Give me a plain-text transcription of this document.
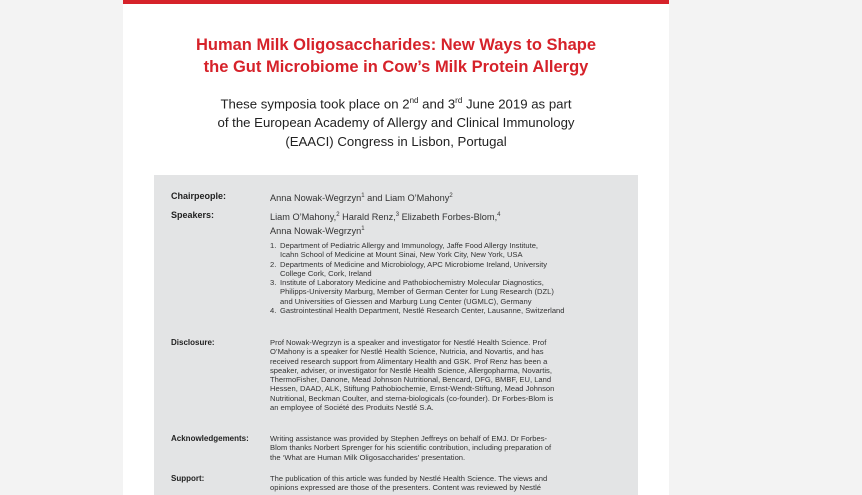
Human Milk Oligosaccharides: New Ways to Shape
the Gut Microbiome in Cow’s Milk Protein Allergy
These symposia took place on 2nd and 3rd June 2019 as part
of the European Academy of Allergy and Clinical Immunology
(EAACI) Congress in Lisbon, Portugal
Chairpeople:	Anna Nowak-Wegrzyn$^1$ and Liam O’Mahony$^2$
Speakers:	Liam O’Mahony,$^2$ Harald Renz,$^3$ Elizabeth Forbes-Blom,$^4$
Anna Nowak-Wegrzyn$^1$
1. Department of Pediatric Allergy and Immunology, Jaffe Food Allergy Institute,
Icahn School of Medicine at Mount Sinai, New York City, New York, USA
2. Departments of Medicine and Microbiology, APC Microbiome Ireland, University
College Cork, Cork, Ireland
3. Institute of Laboratory Medicine and Pathobiochemistry Molecular Diagnostics,
Philipps-University Marburg, Member of German Center for Lung Research (DZL)
and Universities of Giessen and Marburg Lung Center (UGMLC), Germany
4. Gastrointestinal Health Department, Nestlé Research Center, Lausanne, Switzerland
Disclosure:	Prof Nowak-Wegrzyn is a speaker and investigator for Nestlé Health Science. Prof
O’Mahony is a speaker for Nestlé Health Science, Nutricia, and Novartis, and has
received research support from Alimentary Health and GSK. Prof Renz has been a
speaker, adviser, or investigator for Nestlé Health Science, Allergopharma, Novartis,
ThermoFisher, Danone, Mead Johnson Nutritional, Bencard, DFG, BMBF, EU, Land
Hessen, DAAD, ALK, Stiftung Pathobiochemie, Ernst-Wendt-Stiftung, Mead Johnson
Nutritional, Beckman Coulter, and sterna-biologicals (co-founder). Dr Forbes-Blom is
an employee of Société des Produits Nestlé S.A.
Acknowledgements:	Writing assistance was provided by Stephen Jeffreys on behalf of EMJ. Dr Forbes-
Blom thanks Norbert Sprenger for his scientific contribution, including preparation of
the ‘What are Human Milk Oligosaccharides’ presentation.
Support:	The publication of this article was funded by Nestlé Health Science. The views and
opinions expressed are those of the presenters. Content was reviewed by Nestlé
